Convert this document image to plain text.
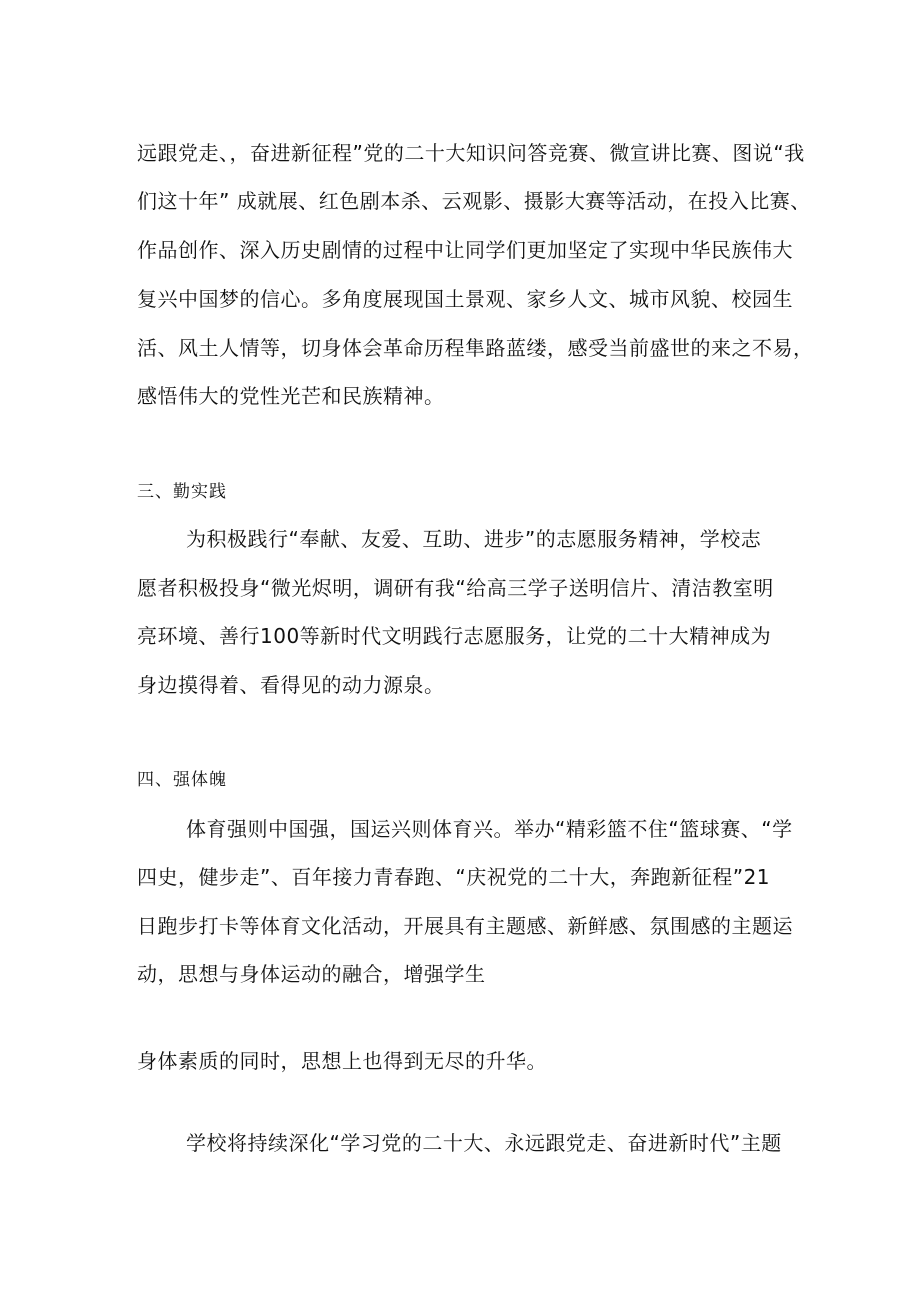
远跟党走、，奋进新征程”党的二十大知识问答竞赛、微宣讲比赛、图说“我
们这十年” 成就展、红色剧本杀、云观影、摄影大赛等活动，在投入比赛、
作品创作、深入历史剧情的过程中让同学们更加坚定了实现中华民族伟大
复兴中国梦的信心。多角度展现国土景观、家乡人文、城市风貌、校园生
活、风土人情等，切身体会革命历程隼路蓝缕，感受当前盛世的来之不易，
感悟伟大的党性光芒和民族精神。
三、勤实践
为积极践行“奉献、友爱、互助、进步”的志愿服务精神，学校志
愿者积极投身“微光烬明，调研有我“给高三学子送明信片、清洁教室明
亮环境、善行100等新时代文明践行志愿服务，让党的二十大精神成为
身边摸得着、看得见的动力源泉。
四、强体魄
体育强则中国强，国运兴则体育兴。举办“精彩篮不住“篮球赛、“学
四史，健步走”、百年接力青春跑、“庆祝党的二十大，奔跑新征程”21
日跑步打卡等体育文化活动，开展具有主题感、新鲜感、氛围感的主题运
动，思想与身体运动的融合，增强学生
身体素质的同时，思想上也得到无尽的升华。
学校将持续深化“学习党的二十大、永远跟党走、奋进新时代”主题
